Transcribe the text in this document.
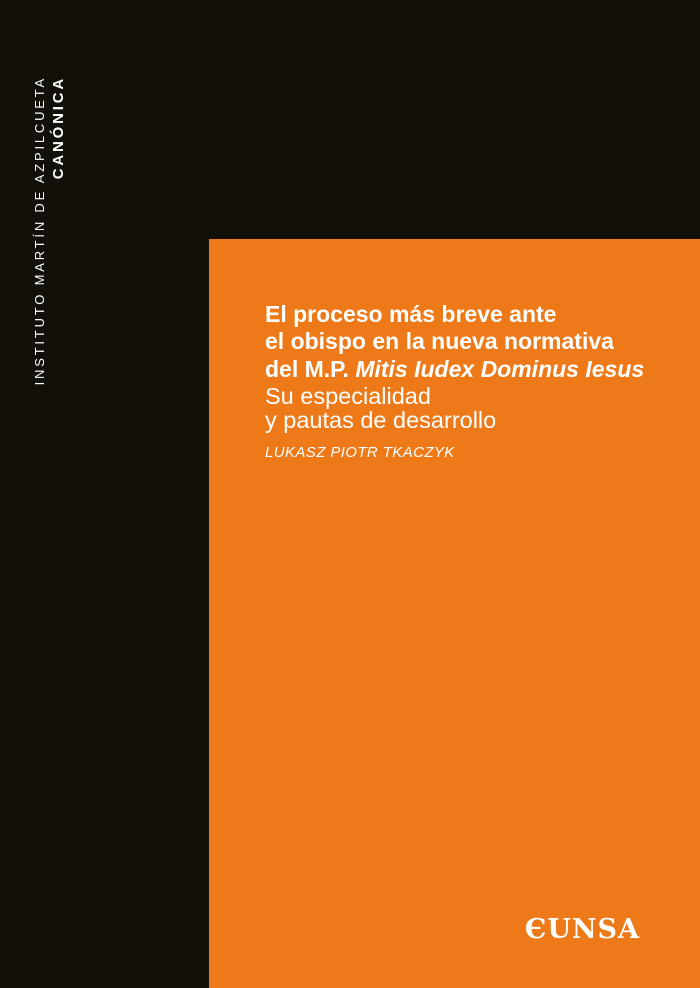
INSTITUTO MARTÍN DE AZPILCUETA CANÓNICA
El proceso más breve ante
el obispo en la nueva normativa
del M.P. Mitis Iudex Dominus Iesus
Su especialidad
y pautas de desarrollo
LUKASZ PIOTR TKACZYK
ЄUNSA
